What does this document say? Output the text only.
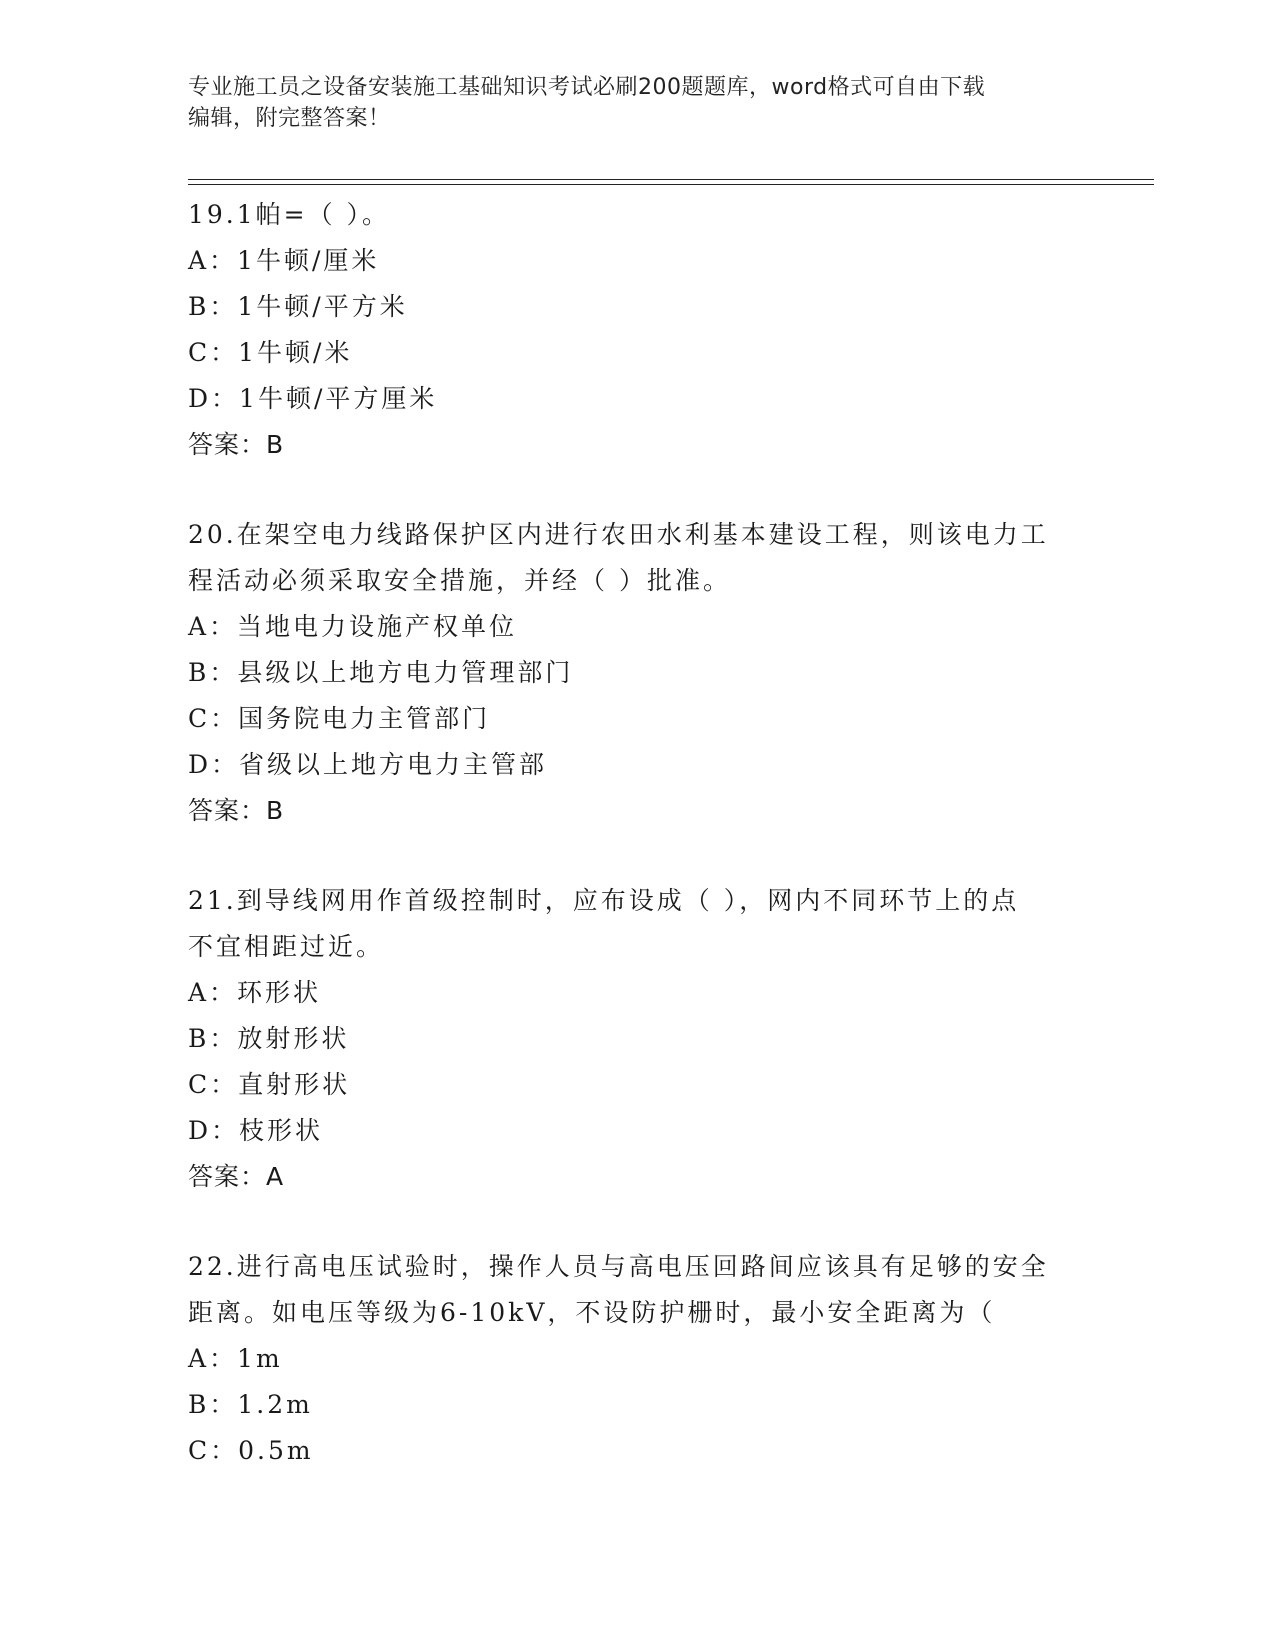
专业施工员之设备安装施工基础知识考试必刷200题题库，word格式可自由下载
编辑，附完整答案！
19.1帕=（ ）。
A：1牛顿/厘米
B：1牛顿/平方米
C：1牛顿/米
D：1牛顿/平方厘米
答案：B
20.在架空电力线路保护区内进行农田水利基本建设工程，则该电力工
程活动必须采取安全措施，并经（ ）批准。
A：当地电力设施产权单位
B：县级以上地方电力管理部门
C：国务院电力主管部门
D：省级以上地方电力主管部
答案：B
21.到导线网用作首级控制时，应布设成（ ），网内不同环节上的点
不宜相距过近。
A：环形状
B：放射形状
C：直射形状
D：枝形状
答案：A
22.进行高电压试验时，操作人员与高电压回路间应该具有足够的安全
距离。如电压等级为6-10kV，不设防护栅时，最小安全距离为（
A：1m
B：1.2m
C：0.5m
